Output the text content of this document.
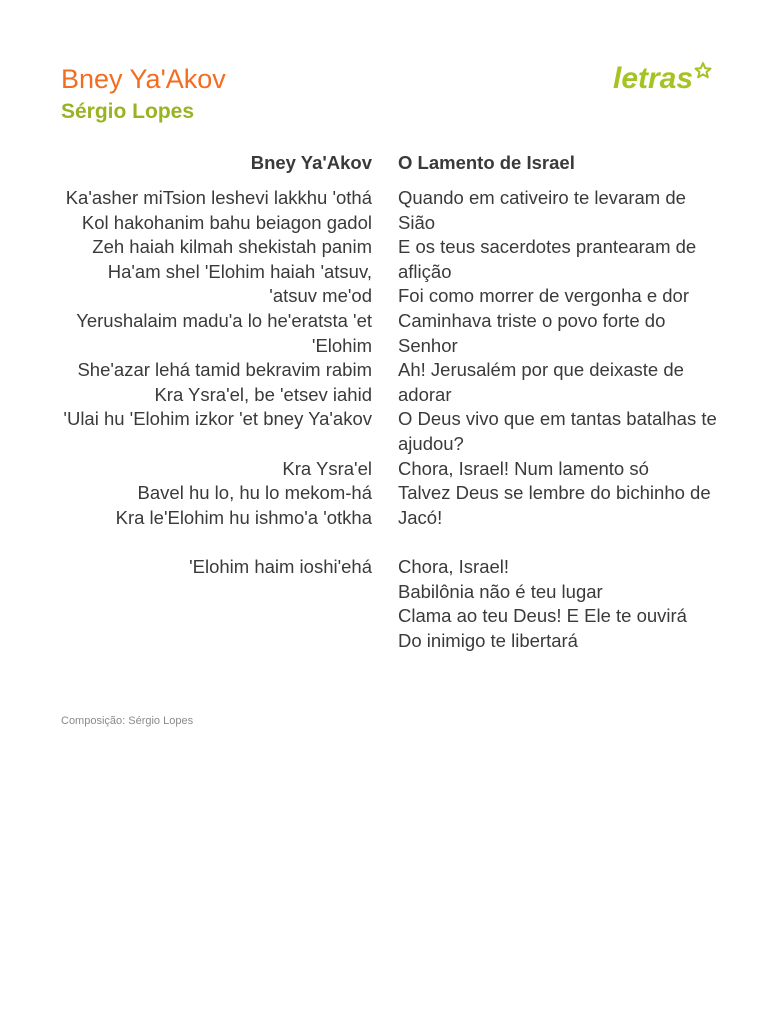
Bney Ya'Akov
Sérgio Lopes
letras
Bney Ya'Akov O Lamento de Israel
Ka'asher miTsion leshevi lakkhu 'othá
Kol hakohanim bahu beiagon gadol
Zeh haiah kilmah shekistah panim
Ha'am shel 'Elohim haiah 'atsuv, 'atsuv me'od
Yerushalaim madu'a lo he'eratsta 'et 'Elohim
She'azar lehá tamid bekravim rabim
Kra Ysra'el, be 'etsev iahid
'Ulai hu 'Elohim izkor 'et bney Ya'akov
Kra Ysra'el
Bavel hu lo, hu lo mekom-há
Kra le'Elohim hu ishmo'a 'otkha
'Elohim haim ioshi'ehá
Quando em cativeiro te levaram de Sião
E os teus sacerdotes prantearam de aflição
Foi como morrer de vergonha e dor
Caminhava triste o povo forte do Senhor
Ah! Jerusalém por que deixaste de adorar
O Deus vivo que em tantas batalhas te ajudou?
Chora, Israel! Num lamento só
Talvez Deus se lembre do bichinho de Jacó!
Chora, Israel!
Babilônia não é teu lugar
Clama ao teu Deus! E Ele te ouvirá
Do inimigo te libertará
Composição: Sérgio Lopes
